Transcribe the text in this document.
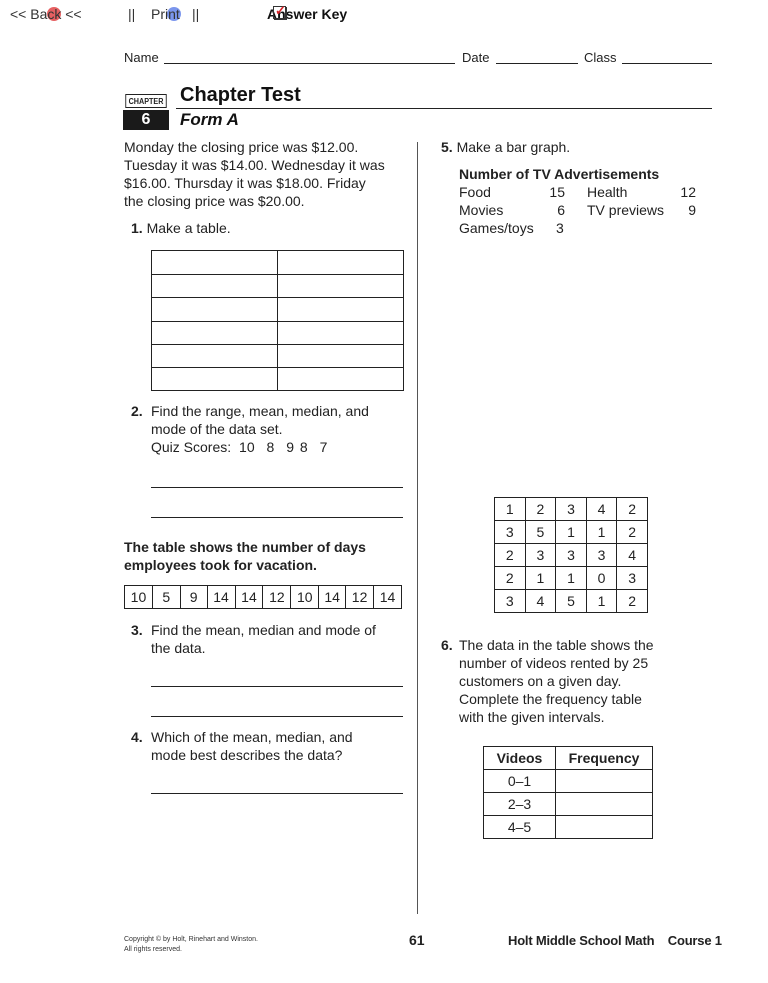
<< Back <<	|| Print ||	Answer Key
✓
Name	Date	Class
CHAPTER
6
Chapter Test
Form A
Monday the closing price was $12.00.
Tuesday it was $14.00. Wednesday it was
$16.00. Thursday it was $18.00. Friday
the closing price was $20.00.
1. Make a table.

2. Find the range, mean, median, and
mode of the data set.
Quiz Scores: 10 8 9 8 7
The table shows the number of days
employees took for vacation.
10	5	9	14	14	12	10	14	12	14
3. Find the mean, median and mode of
the data.
4. Which of the mean, median, and
mode best describes the data?
5. Make a bar graph.
Number of TV Advertisements
Food	15 Health	12
Movies	6 TV previews 9
Games/toys 3
1	2	3	4	2
3	5	1	1	2
2	3	3	3	4
2	1	1	0	3
3	4	5	1	2
6. The data in the table shows the
number of videos rented by 25
customers on a given day.
Complete the frequency table
with the given intervals.
Videos	Frequency
0–1	
2–3	
4–5	
Copyright © by Holt, Rinehart and Winston.
All rights reserved.
61	Holt Middle School Math Course 1
